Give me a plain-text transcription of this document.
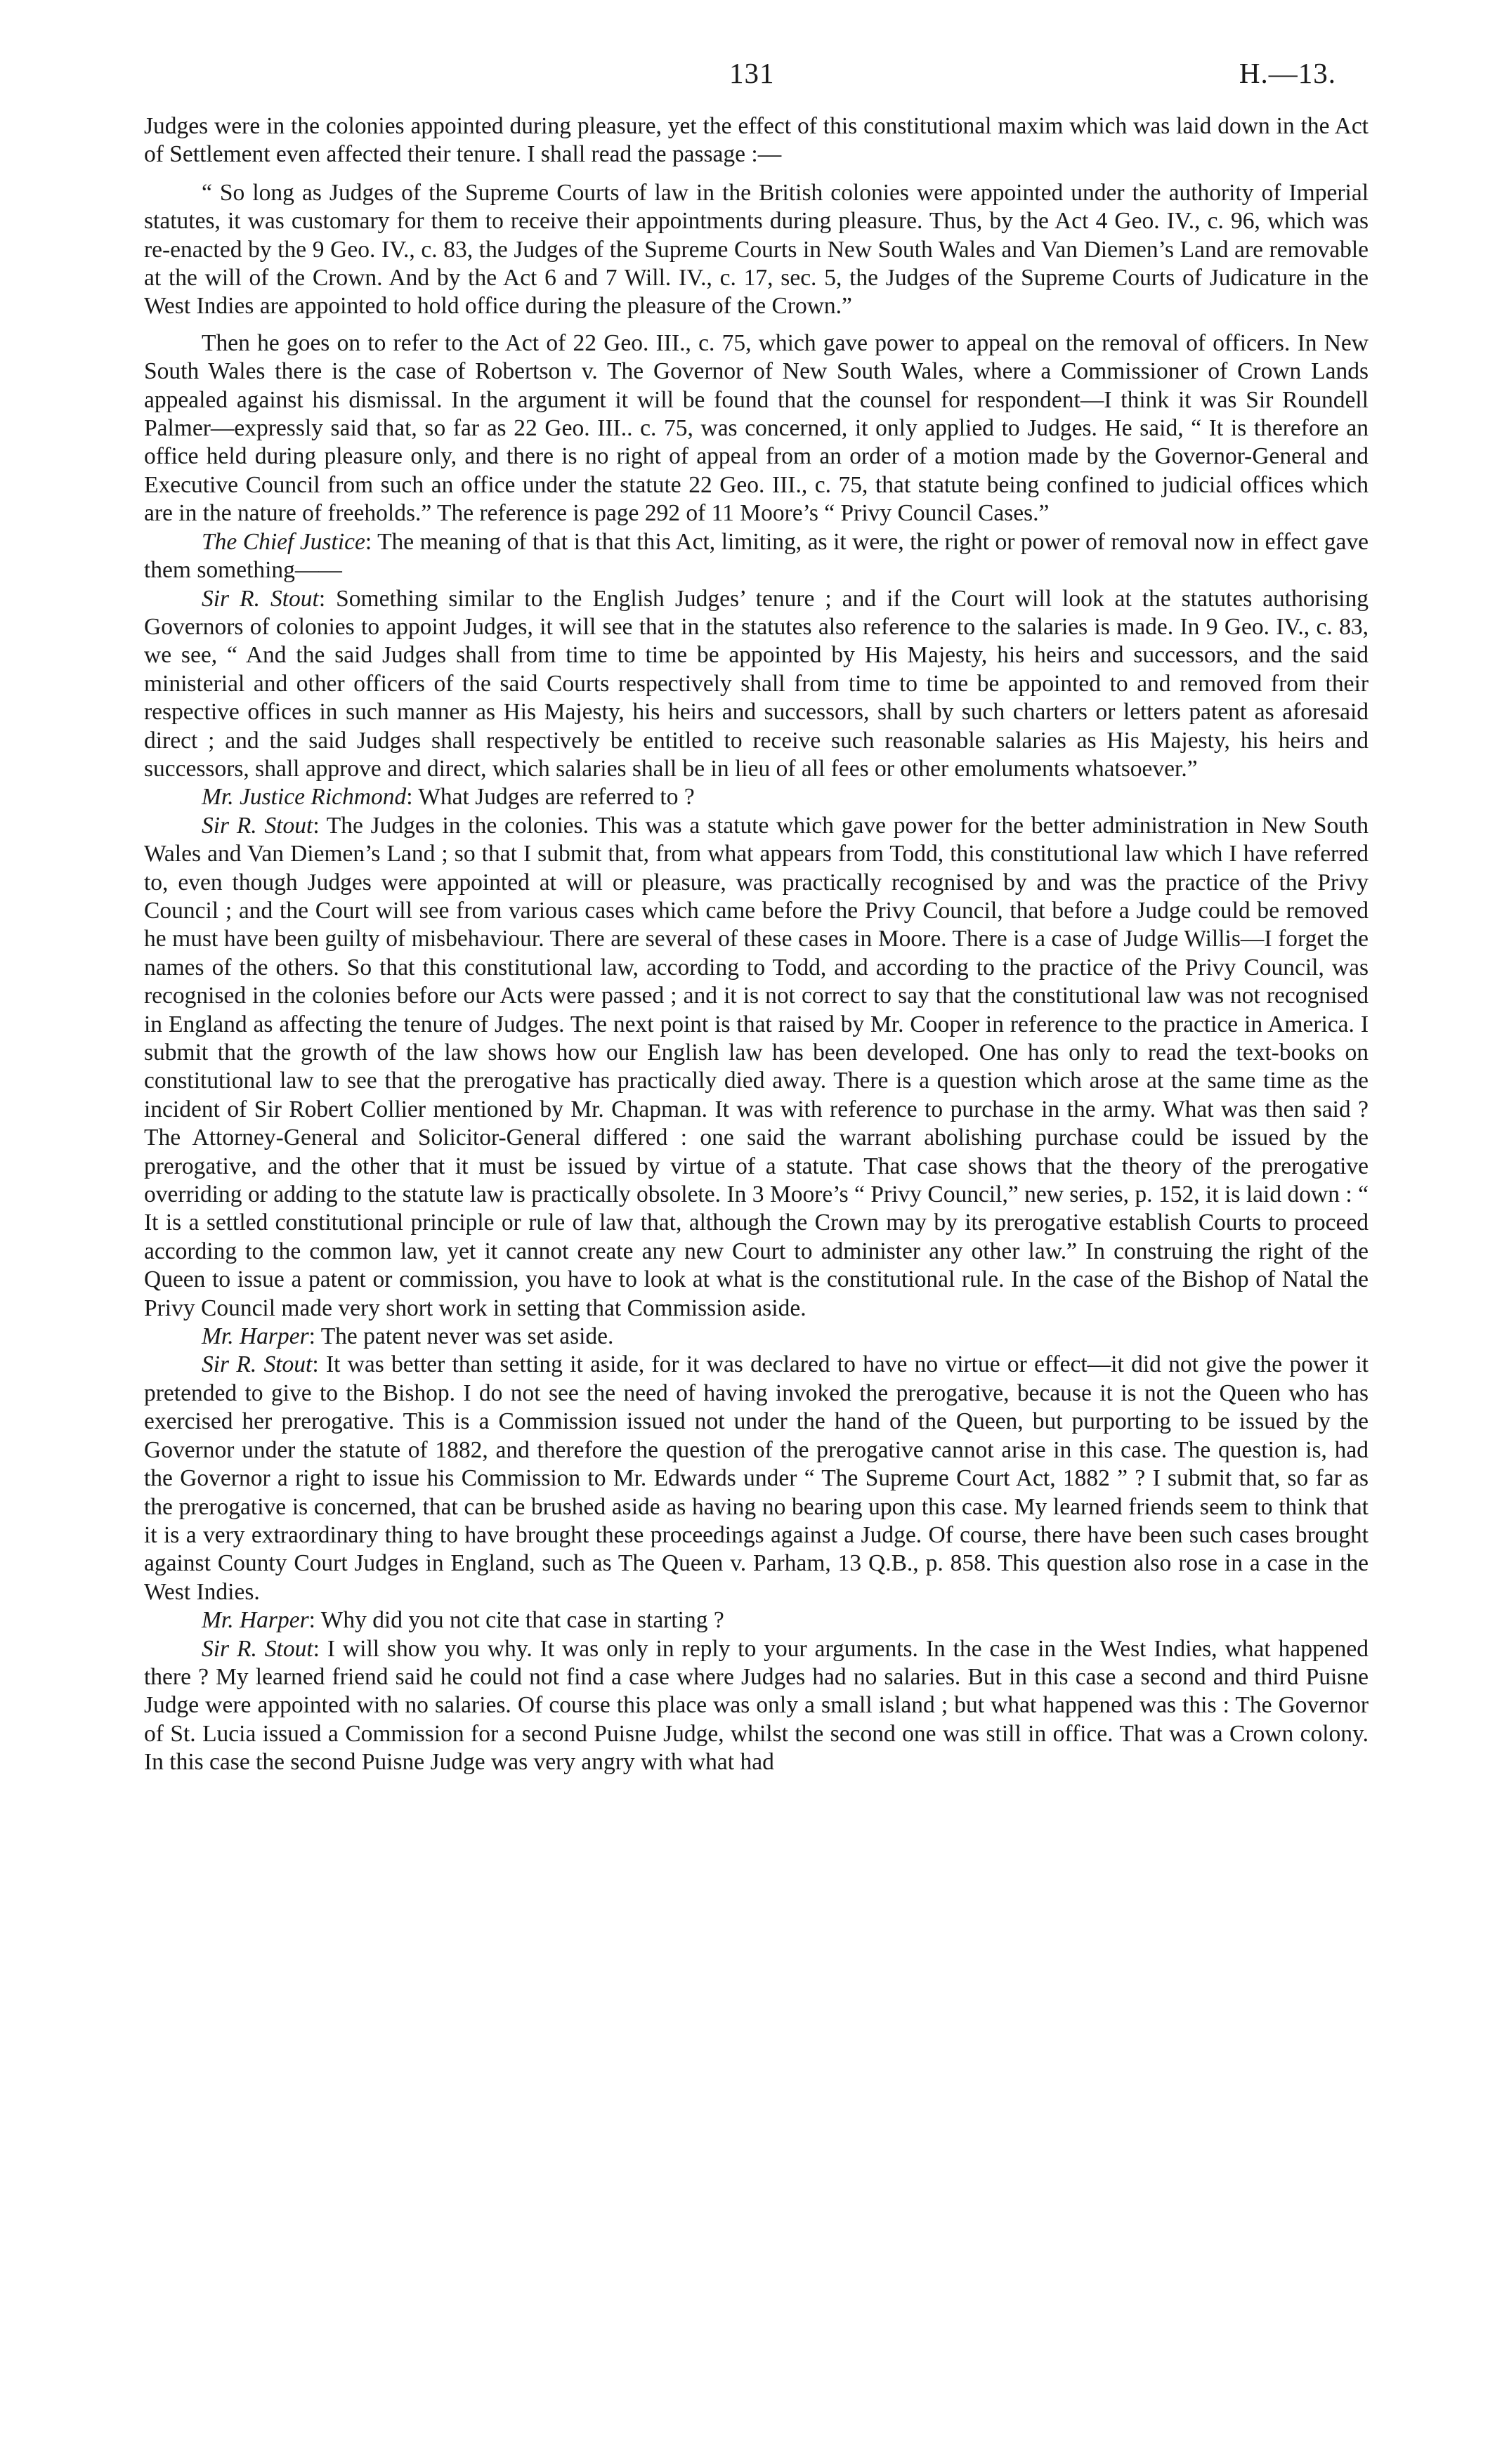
131	H.—13.

Judges were in the colonies appointed during pleasure, yet the effect of this constitutional maxim which was laid down in the Act of Settlement even affected their tenure. I shall read the passage :—

“ So long as Judges of the Supreme Courts of law in the British colonies were appointed under the authority of Imperial statutes, it was customary for them to receive their appointments during pleasure. Thus, by the Act 4 Geo. IV., c. 96, which was re-enacted by the 9 Geo. IV., c. 83, the Judges of the Supreme Courts in New South Wales and Van Diemen’s Land are removable at the will of the Crown. And by the Act 6 and 7 Will. IV., c. 17, sec. 5, the Judges of the Supreme Courts of Judicature in the West Indies are appointed to hold office during the pleasure of the Crown.”

Then he goes on to refer to the Act of 22 Geo. III., c. 75, which gave power to appeal on the removal of officers. In New South Wales there is the case of Robertson v. The Governor of New South Wales, where a Commissioner of Crown Lands appealed against his dismissal. In the argument it will be found that the counsel for respondent—I think it was Sir Roundell Palmer—expressly said that, so far as 22 Geo. III.. c. 75, was concerned, it only applied to Judges. He said, “ It is therefore an office held during pleasure only, and there is no right of appeal from an order of a motion made by the Governor-General and Executive Council from such an office under the statute 22 Geo. III., c. 75, that statute being confined to judicial offices which are in the nature of freeholds.” The reference is page 292 of 11 Moore’s “ Privy Council Cases.”

The Chief Justice: The meaning of that is that this Act, limiting, as it were, the right or power of removal now in effect gave them something——

Sir R. Stout: Something similar to the English Judges’ tenure ; and if the Court will look at the statutes authorising Governors of colonies to appoint Judges, it will see that in the statutes also reference to the salaries is made. In 9 Geo. IV., c. 83, we see, “ And the said Judges shall from time to time be appointed by His Majesty, his heirs and successors, and the said ministerial and other officers of the said Courts respectively shall from time to time be appointed to and removed from their respective offices in such manner as His Majesty, his heirs and successors, shall by such charters or letters patent as aforesaid direct ; and the said Judges shall respectively be entitled to receive such reasonable salaries as His Majesty, his heirs and successors, shall approve and direct, which salaries shall be in lieu of all fees or other emoluments whatsoever.”

Mr. Justice Richmond: What Judges are referred to ?

Sir R. Stout: The Judges in the colonies. This was a statute which gave power for the better administration in New South Wales and Van Diemen’s Land ; so that I submit that, from what appears from Todd, this constitutional law which I have referred to, even though Judges were appointed at will or pleasure, was practically recognised by and was the practice of the Privy Council ; and the Court will see from various cases which came before the Privy Council, that before a Judge could be removed he must have been guilty of misbehaviour. There are several of these cases in Moore. There is a case of Judge Willis—I forget the names of the others. So that this constitutional law, according to Todd, and according to the practice of the Privy Council, was recognised in the colonies before our Acts were passed ; and it is not correct to say that the constitutional law was not recognised in England as affecting the tenure of Judges. The next point is that raised by Mr. Cooper in reference to the practice in America. I submit that the growth of the law shows how our English law has been developed. One has only to read the text-books on constitutional law to see that the prerogative has practically died away. There is a question which arose at the same time as the incident of Sir Robert Collier mentioned by Mr. Chapman. It was with reference to purchase in the army. What was then said ? The Attorney-General and Solicitor-General differed : one said the warrant abolishing purchase could be issued by the prerogative, and the other that it must be issued by virtue of a statute. That case shows that the theory of the prerogative overriding or adding to the statute law is practically obsolete. In 3 Moore’s “ Privy Council,” new series, p. 152, it is laid down : “ It is a settled constitutional principle or rule of law that, although the Crown may by its prerogative establish Courts to proceed according to the common law, yet it cannot create any new Court to administer any other law.” In construing the right of the Queen to issue a patent or commission, you have to look at what is the constitutional rule. In the case of the Bishop of Natal the Privy Council made very short work in setting that Commission aside.

Mr. Harper: The patent never was set aside.

Sir R. Stout: It was better than setting it aside, for it was declared to have no virtue or effect—it did not give the power it pretended to give to the Bishop. I do not see the need of having invoked the prerogative, because it is not the Queen who has exercised her prerogative. This is a Commission issued not under the hand of the Queen, but purporting to be issued by the Governor under the statute of 1882, and therefore the question of the prerogative cannot arise in this case. The question is, had the Governor a right to issue his Commission to Mr. Edwards under “ The Supreme Court Act, 1882 ” ? I submit that, so far as the prerogative is concerned, that can be brushed aside as having no bearing upon this case. My learned friends seem to think that it is a very extraordinary thing to have brought these proceedings against a Judge. Of course, there have been such cases brought against County Court Judges in England, such as The Queen v. Parham, 13 Q.B., p. 858. This question also rose in a case in the West Indies.

Mr. Harper: Why did you not cite that case in starting ?

Sir R. Stout: I will show you why. It was only in reply to your arguments. In the case in the West Indies, what happened there ? My learned friend said he could not find a case where Judges had no salaries. But in this case a second and third Puisne Judge were appointed with no salaries. Of course this place was only a small island ; but what happened was this : The Governor of St. Lucia issued a Commission for a second Puisne Judge, whilst the second one was still in office. That was a Crown colony. In this case the second Puisne Judge was very angry with what had
